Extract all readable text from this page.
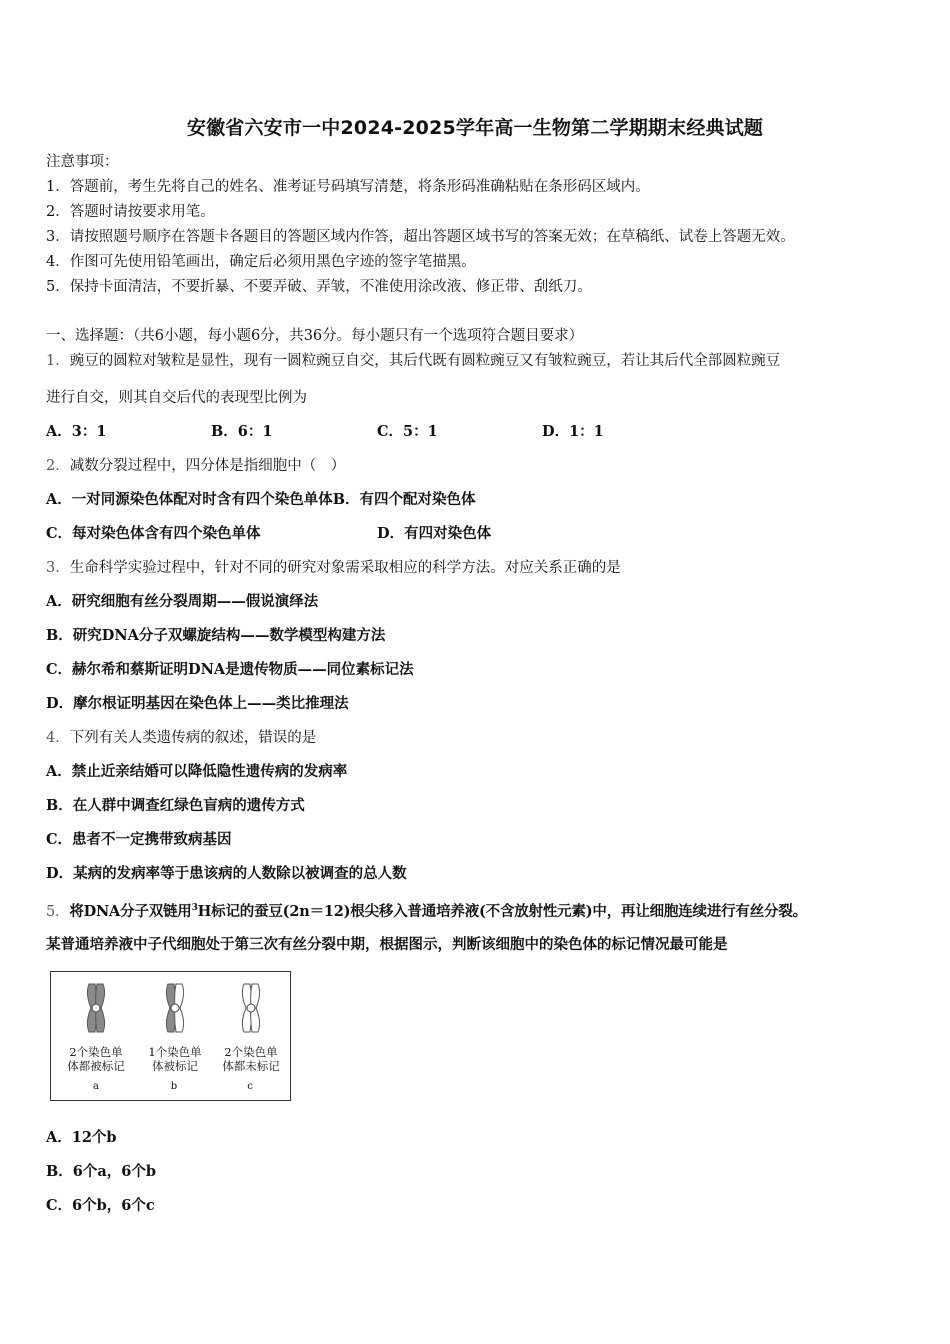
安徽省六安市一中2024-2025学年高一生物第二学期期末经典试题
注意事项：
1．答题前，考生先将自己的姓名、准考证号码填写清楚，将条形码准确粘贴在条形码区域内。
2．答题时请按要求用笔。
3．请按照题号顺序在答题卡各题目的答题区域内作答，超出答题区域书写的答案无效；在草稿纸、试卷上答题无效。
4．作图可先使用铅笔画出，确定后必须用黑色字迹的签字笔描黑。
5．保持卡面清洁，不要折暴、不要弄破、弄皱，不准使用涂改液、修正带、刮纸刀。
一、选择题：（共6小题，每小题6分，共36分。每小题只有一个选项符合题目要求）
1．豌豆的圆粒对皱粒是显性，现有一圆粒豌豆自交，其后代既有圆粒豌豆又有皱粒豌豆，若让其后代全部圆粒豌豆
进行自交，则其自交后代的表现型比例为
A．3：1	B．6：1	C．5：1	D．1：1
2．减数分裂过程中，四分体是指细胞中（　）
A．一对同源染色体配对时含有四个染色单体B．有四个配对染色体
C．每对染色体含有四个染色单体	D．有四对染色体
3．生命科学实验过程中，针对不同的研究对象需采取相应的科学方法。对应关系正确的是
A．研究细胞有丝分裂周期——假说演绎法
B．研究DNA分子双螺旋结构——数学模型构建方法
C．赫尔希和蔡斯证明DNA是遗传物质——同位素标记法
D．摩尔根证明基因在染色体上——类比推理法
4．下列有关人类遗传病的叙述，错误的是
A．禁止近亲结婚可以降低隐性遗传病的发病率
B．在人群中调查红绿色盲病的遗传方式
C．患者不一定携带致病基因
D．某病的发病率等于患该病的人数除以被调查的总人数
5．将DNA分子双链用$^3$H标记的蚕豆(2n＝12)根尖移入普通培养液(不含放射性元素)中，再让细胞连续进行有丝分裂。
某普通培养液中子代细胞处于第三次有丝分裂中期，根据图示，判断该细胞中的染色体的标记情况最可能是
2个染色单
体都被标记
a
1个染色单
体被标记
b
2个染色单
体都未标记
c
A．12个b
B．6个a，6个b
C．6个b，6个c
